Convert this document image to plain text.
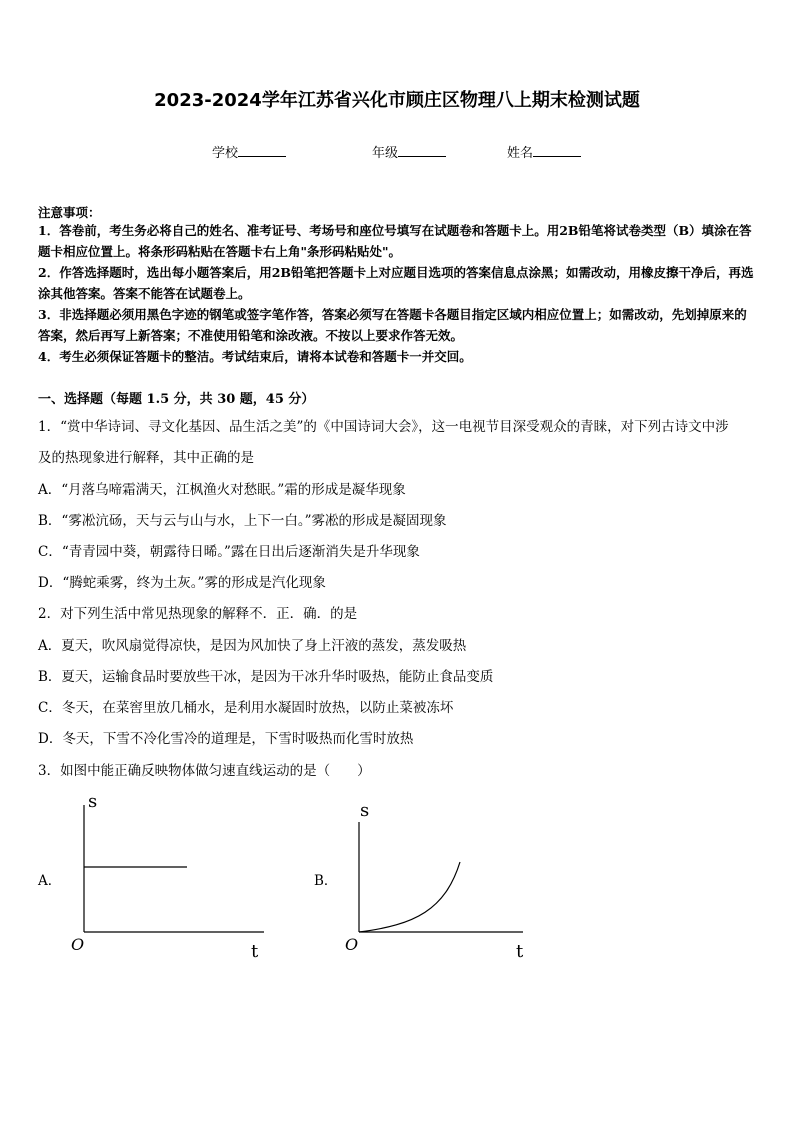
2023-2024学年江苏省兴化市顾庄区物理八上期末检测试题
学校	年级	姓名
注意事项：
1．答卷前，考生务必将自己的姓名、准考证号、考场号和座位号填写在试题卷和答题卡上。用2B铅笔将试卷类型（B）填涂在答题卡相应位置上。将条形码粘贴在答题卡右上角"条形码粘贴处"。
2．作答选择题时，选出每小题答案后，用2B铅笔把答题卡上对应题目选项的答案信息点涂黑；如需改动，用橡皮擦干净后，再选涂其他答案。答案不能答在试题卷上。
3．非选择题必须用黑色字迹的钢笔或签字笔作答，答案必须写在答题卡各题目指定区域内相应位置上；如需改动，先划掉原来的答案，然后再写上新答案；不准使用铅笔和涂改液。不按以上要求作答无效。
4．考生必须保证答题卡的整洁。考试结束后，请将本试卷和答题卡一并交回。
一、选择题（每题 1.5 分，共 30 题，45 分）
1．“赏中华诗词、寻文化基因、品生活之美”的《中国诗词大会》，这一电视节目深受观众的青睐，对下列古诗文中涉
及的热现象进行解释，其中正确的是
A．“月落乌啼霜满天，江枫渔火对愁眠。”霜的形成是凝华现象
B．“雾凇沆砀，天与云与山与水，上下一白。”雾凇的形成是凝固现象
C．“青青园中葵，朝露待日晞。”露在日出后逐渐消失是升华现象
D．“腾蛇乘雾，终为土灰。”雾的形成是汽化现象
2．对下列生活中常见热现象的解释不．正．确．的是
A．夏天，吹风扇觉得凉快，是因为风加快了身上汗液的蒸发，蒸发吸热
B．夏天，运输食品时要放些干冰，是因为干冰升华时吸热，能防止食品变质
C．冬天，在菜窖里放几桶水，是利用水凝固时放热，以防止菜被冻坏
D．冬天，下雪不冷化雪冷的道理是，下雪时吸热而化雪时放热
3．如图中能正确反映物体做匀速直线运动的是（　　）
A．
s
t
O
B．
s
t
O
